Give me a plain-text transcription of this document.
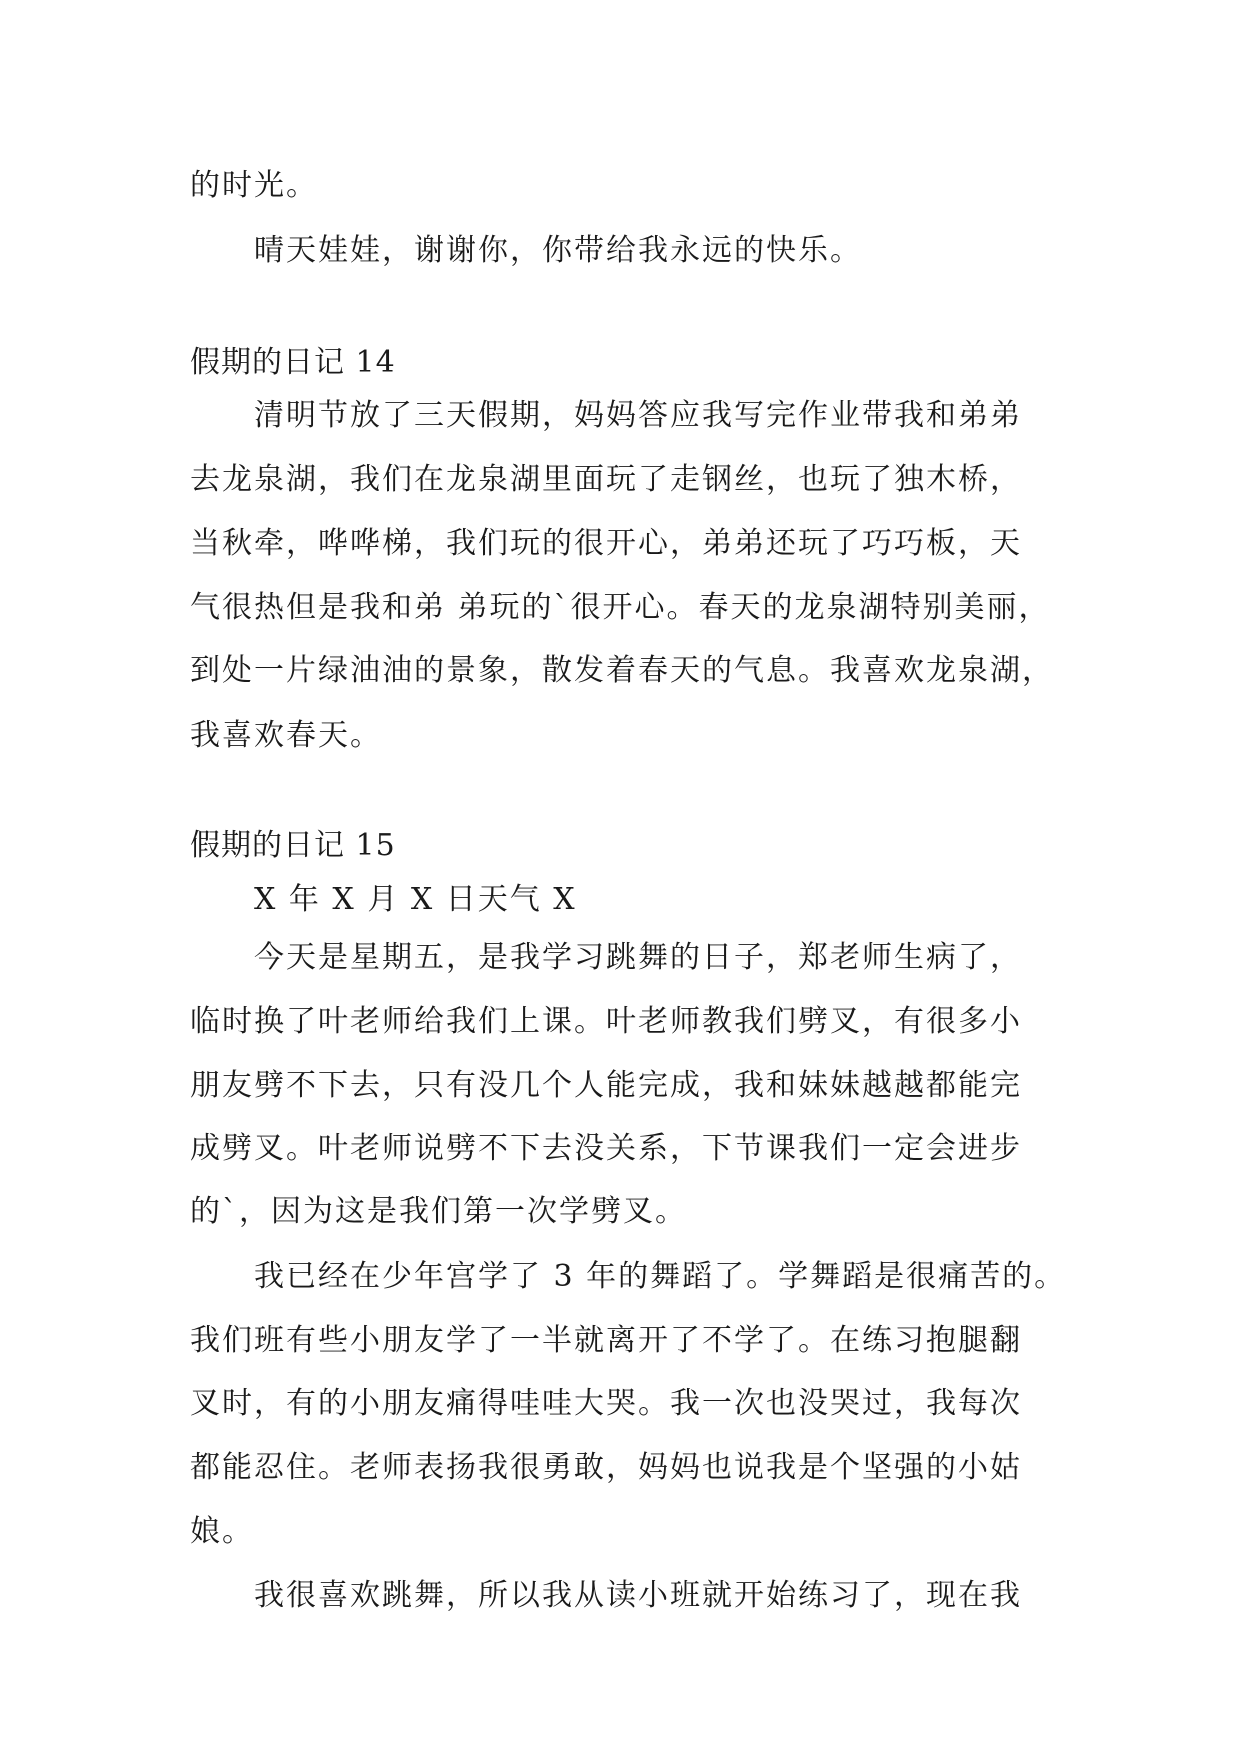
的时光。
晴天娃娃，谢谢你，你带给我永远的快乐。
假期的日记 14
清明节放了三天假期，妈妈答应我写完作业带我和弟弟
去龙泉湖，我们在龙泉湖里面玩了走钢丝，也玩了独木桥，
当秋牵，哗哗梯，我们玩的很开心，弟弟还玩了巧巧板，天
气很热但是我和弟 弟玩的`很开心。春天的龙泉湖特别美丽，
到处一片绿油油的景象，散发着春天的气息。我喜欢龙泉湖，
我喜欢春天。
假期的日记 15
X 年 X 月 X 日天气 X
今天是星期五，是我学习跳舞的日子，郑老师生病了，
临时换了叶老师给我们上课。叶老师教我们劈叉，有很多小
朋友劈不下去，只有没几个人能完成，我和妹妹越越都能完
成劈叉。叶老师说劈不下去没关系，下节课我们一定会进步
的`，因为这是我们第一次学劈叉。
我已经在少年宫学了 3 年的舞蹈了。学舞蹈是很痛苦的。
我们班有些小朋友学了一半就离开了不学了。在练习抱腿翻
叉时，有的小朋友痛得哇哇大哭。我一次也没哭过，我每次
都能忍住。老师表扬我很勇敢，妈妈也说我是个坚强的小姑
娘。
我很喜欢跳舞，所以我从读小班就开始练习了，现在我
